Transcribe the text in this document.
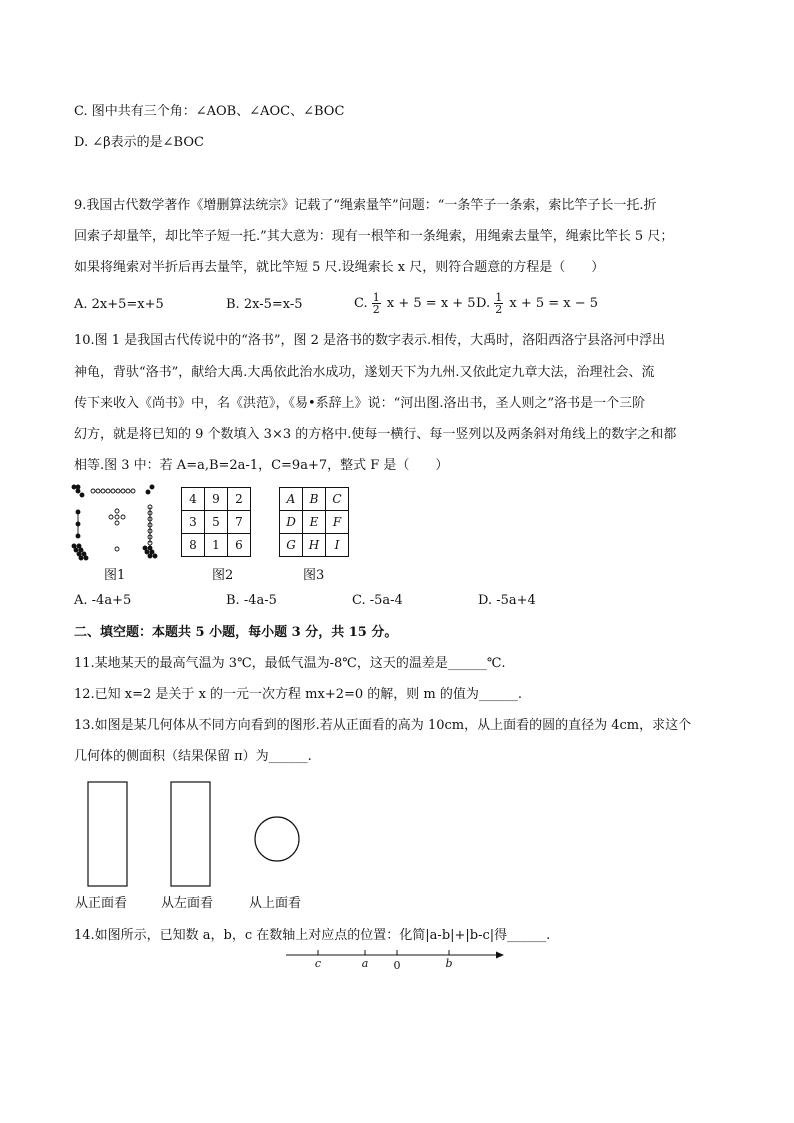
C. 图中共有三个角：∠AOB、∠AOC、∠BOC
D. ∠β表示的是∠BOC
9.我国古代数学著作《增删算法统宗》记载了“绳索量竿”问题：“一条竿子一条索，索比竿子长一托.折
回索子却量竿，却比竿子短一托.”其大意为：现有一根竿和一条绳索，用绳索去量竿，绳索比竿长 5 尺；
如果将绳索对半折后再去量竿，就比竿短 5 尺.设绳索长 x 尺，则符合题意的方程是（　　）
A. 2x+5=x+5	B. 2x-5=x-5	C. $\frac{1}{2}$ x + 5 = x + 5 D. $\frac{1}{2}$ x + 5 = x − 5
10.图 1 是我国古代传说中的“洛书”，图 2 是洛书的数字表示.相传，大禹时，洛阳西洛宁县洛河中浮出
神龟，背驮“洛书”，献给大禹.大禹依此治水成功，遂划天下为九州.又依此定九章大法，治理社会、流
传下来收入《尚书》中，名《洪范》，《易•系辞上》说：“河出图.洛出书，圣人则之”洛书是一个三阶
幻方，就是将已知的 9 个数填入 3×3 的方格中.使每一横行、每一竖列以及两条斜对角线上的数字之和都
相等.图 3 中：若 A=a,B=2a-1，C=9a+7，整式 F 是（　　）
4	9	2
3	5	7
8	1	6
A	B	C
D	E	F
G	H	I
图1	图2	图3
A. -4a+5	B. -4a-5	C. -5a-4	D. -5a+4
二、填空题：本题共 5 小题，每小题 3 分，共 15 分。
11.某地某天的最高气温为 3℃，最低气温为-8℃，这天的温差是______℃.
12.已知 x=2 是关于 x 的一元一次方程 mx+2=0 的解，则 m 的值为______.
13.如图是某几何体从不同方向看到的图形.若从正面看的高为 10cm，从上面看的圆的直径为 4cm，求这个
几何体的侧面积（结果保留 π）为______.
从正面看	从左面看	从上面看
14.如图所示，已知数 a，b，c 在数轴上对应点的位置：化简|a-b|+|b-c|得______.
c	a 0	b
